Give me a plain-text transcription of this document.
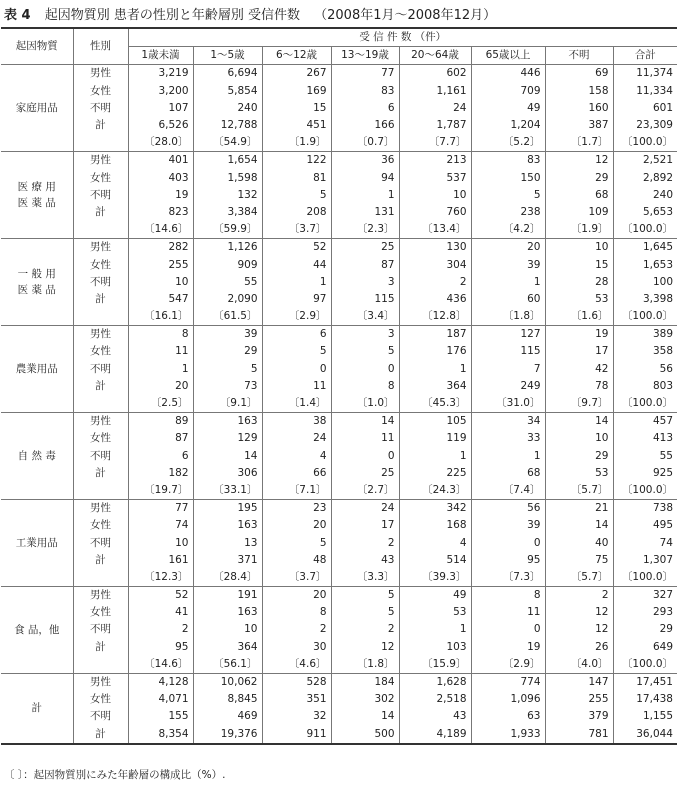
表 4 起因物質別 患者の性別と年齢層別 受信件数 （2008年1月～2008年12月）
起因物質	性別	受 信 件 数 （件）							
		1歳未満	1～5歳	6～12歳	13～19歳	20～64歳	65歳以上	不明	合計
家庭用品	男性	3,219	6,694	267	77	602	446	69	11,374
	女性	3,200	5,854	169	83	1,161	709	158	11,334
	不明	107	240	15	6	24	49	160	601
	計	6,526	12,788	451	166	1,787	1,204	387	23,309
		〔28.0〕	〔54.9〕	〔1.9〕	〔0.7〕	〔7.7〕	〔5.2〕	〔1.7〕	〔100.0〕
医 療 用
医 薬 品	男性	401	1,654	122	36	213	83	12	2,521
	女性	403	1,598	81	94	537	150	29	2,892
	不明	19	132	5	1	10	5	68	240
	計	823	3,384	208	131	760	238	109	5,653
		〔14.6〕	〔59.9〕	〔3.7〕	〔2.3〕	〔13.4〕	〔4.2〕	〔1.9〕	〔100.0〕
一 般 用
医 薬 品	男性	282	1,126	52	25	130	20	10	1,645
	女性	255	909	44	87	304	39	15	1,653
	不明	10	55	1	3	2	1	28	100
	計	547	2,090	97	115	436	60	53	3,398
		〔16.1〕	〔61.5〕	〔2.9〕	〔3.4〕	〔12.8〕	〔1.8〕	〔1.6〕	〔100.0〕
農業用品	男性	8	39	6	3	187	127	19	389
	女性	11	29	5	5	176	115	17	358
	不明	1	5	0	0	1	7	42	56
	計	20	73	11	8	364	249	78	803
		〔2.5〕	〔9.1〕	〔1.4〕	〔1.0〕	〔45.3〕	〔31.0〕	〔9.7〕	〔100.0〕
自 然 毒	男性	89	163	38	14	105	34	14	457
	女性	87	129	24	11	119	33	10	413
	不明	6	14	4	0	1	1	29	55
	計	182	306	66	25	225	68	53	925
		〔19.7〕	〔33.1〕	〔7.1〕	〔2.7〕	〔24.3〕	〔7.4〕	〔5.7〕	〔100.0〕
工業用品	男性	77	195	23	24	342	56	21	738
	女性	74	163	20	17	168	39	14	495
	不明	10	13	5	2	4	0	40	74
	計	161	371	48	43	514	95	75	1,307
		〔12.3〕	〔28.4〕	〔3.7〕	〔3.3〕	〔39.3〕	〔7.3〕	〔5.7〕	〔100.0〕
食 品，他	男性	52	191	20	5	49	8	2	327
	女性	41	163	8	5	53	11	12	293
	不明	2	10	2	2	1	0	12	29
	計	95	364	30	12	103	19	26	649
		〔14.6〕	〔56.1〕	〔4.6〕	〔1.8〕	〔15.9〕	〔2.9〕	〔4.0〕	〔100.0〕
計	男性	4,128	10,062	528	184	1,628	774	147	17,451
	女性	4,071	8,845	351	302	2,518	1,096	255	17,438
	不明	155	469	32	14	43	63	379	1,155
	計	8,354	19,376	911	500	4,189	1,933	781	36,044
〔 〕：起因物質別にみた年齢層の構成比（%）.
